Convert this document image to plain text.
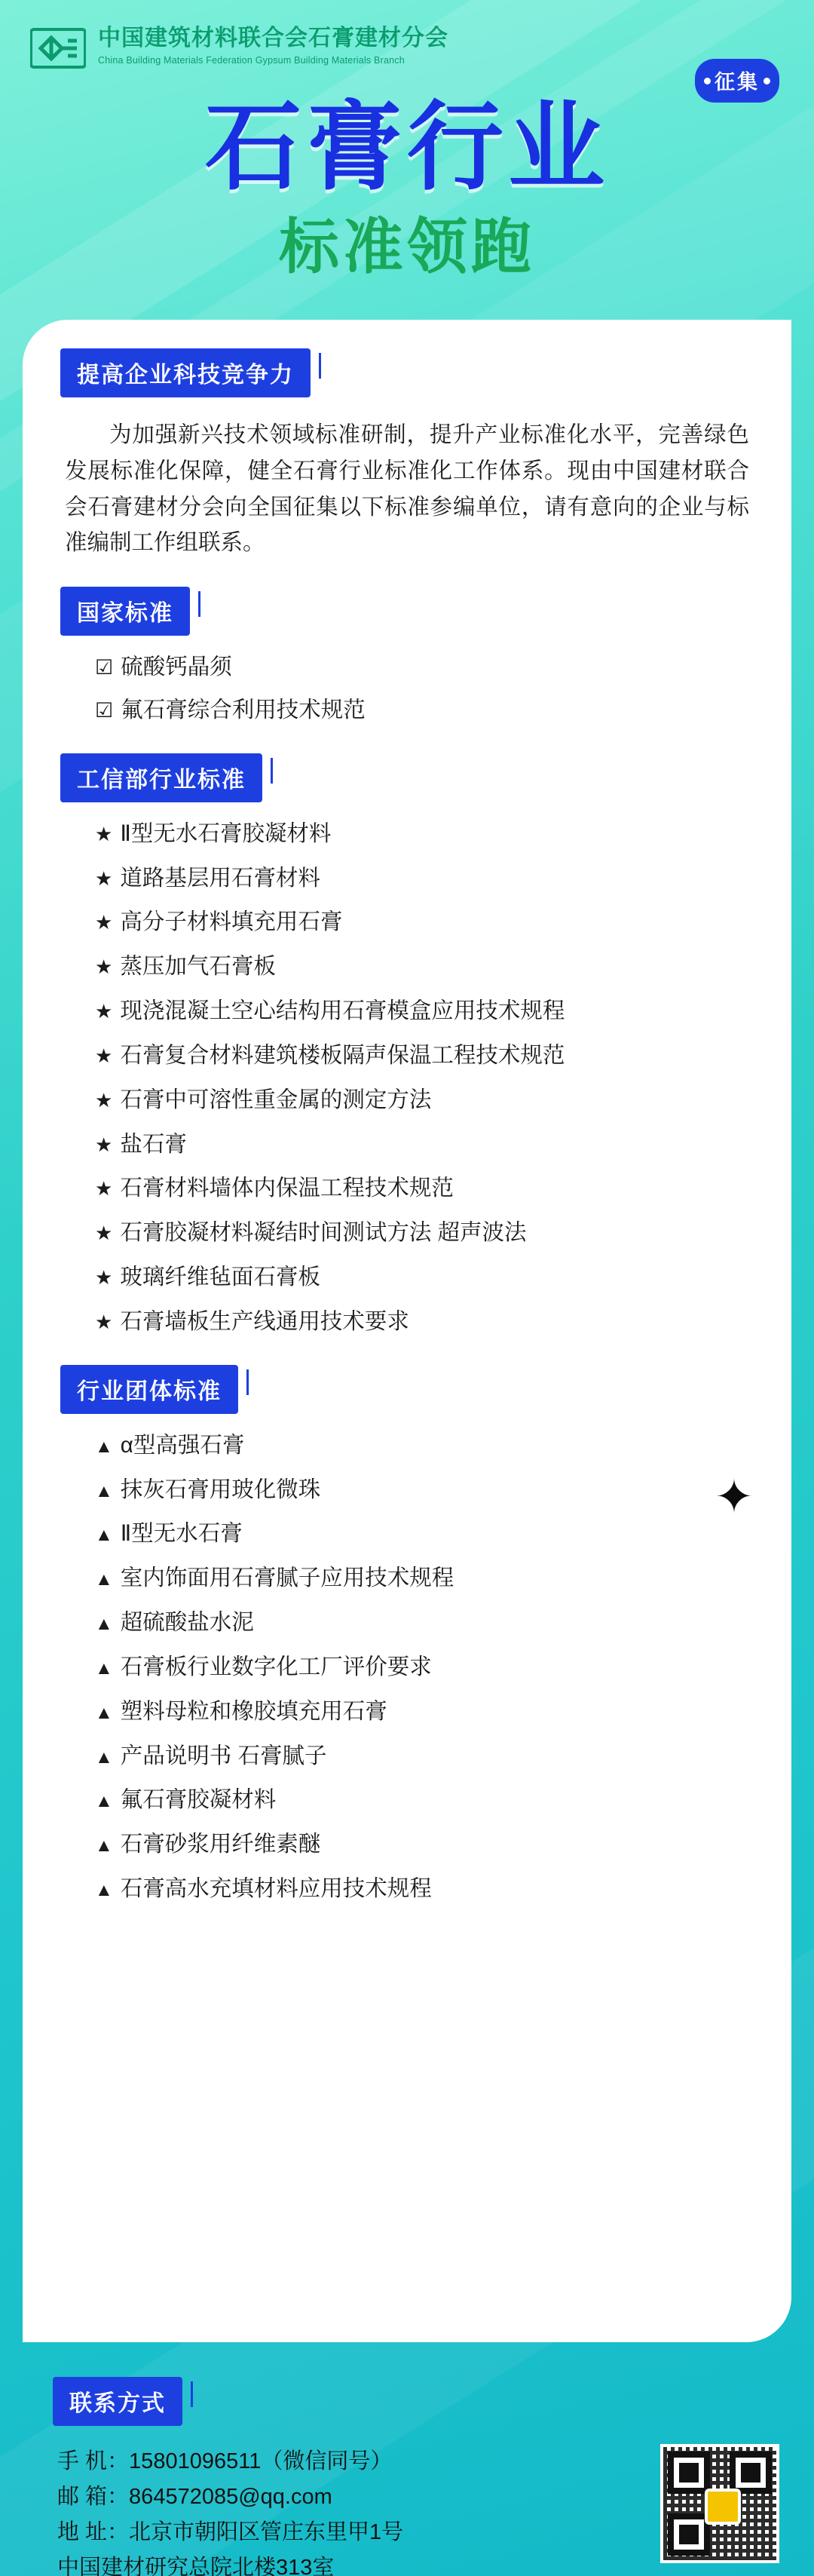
中国建筑材料联合会石膏建材分会
China Building Materials Federation Gypsum Building Materials Branch
征集
石膏行业
标准领跑
提高企业科技竞争力

为加强新兴技术领域标准研制，提升产业标准化水平，完善绿色发展标准化保障，健全石膏行业标准化工作体系。现由中国建材联合会石膏建材分会向全国征集以下标准参编单位，请有意向的企业与标准编制工作组联系。

国家标准
☑ 硫酸钙晶须
☑ 氟石膏综合利用技术规范
工信部行业标准
★ Ⅱ型无水石膏胶凝材料
★ 道路基层用石膏材料
★ 高分子材料填充用石膏
★ 蒸压加气石膏板
★ 现浇混凝土空心结构用石膏模盒应用技术规程
★ 石膏复合材料建筑楼板隔声保温工程技术规范
★ 石膏中可溶性重金属的测定方法
★ 盐石膏
★ 石膏材料墙体内保温工程技术规范
★ 石膏胶凝材料凝结时间测试方法 超声波法
★ 玻璃纤维毡面石膏板
★ 石膏墙板生产线通用技术要求
✦
行业团体标准
▲ α型高强石膏
▲ 抹灰石膏用玻化微珠
▲ Ⅱ型无水石膏
▲ 室内饰面用石膏腻子应用技术规程
▲ 超硫酸盐水泥
▲ 石膏板行业数字化工厂评价要求
▲ 塑料母粒和橡胶填充用石膏
▲ 产品说明书 石膏腻子
▲ 氟石膏胶凝材料
▲ 石膏砂浆用纤维素醚
▲ 石膏高水充填材料应用技术规程
联系方式
手 机：15801096511（微信同号）
邮 箱：864572085@qq.com
地 址：北京市朝阳区管庄东里甲1号
中国建材研究总院北楼313室
